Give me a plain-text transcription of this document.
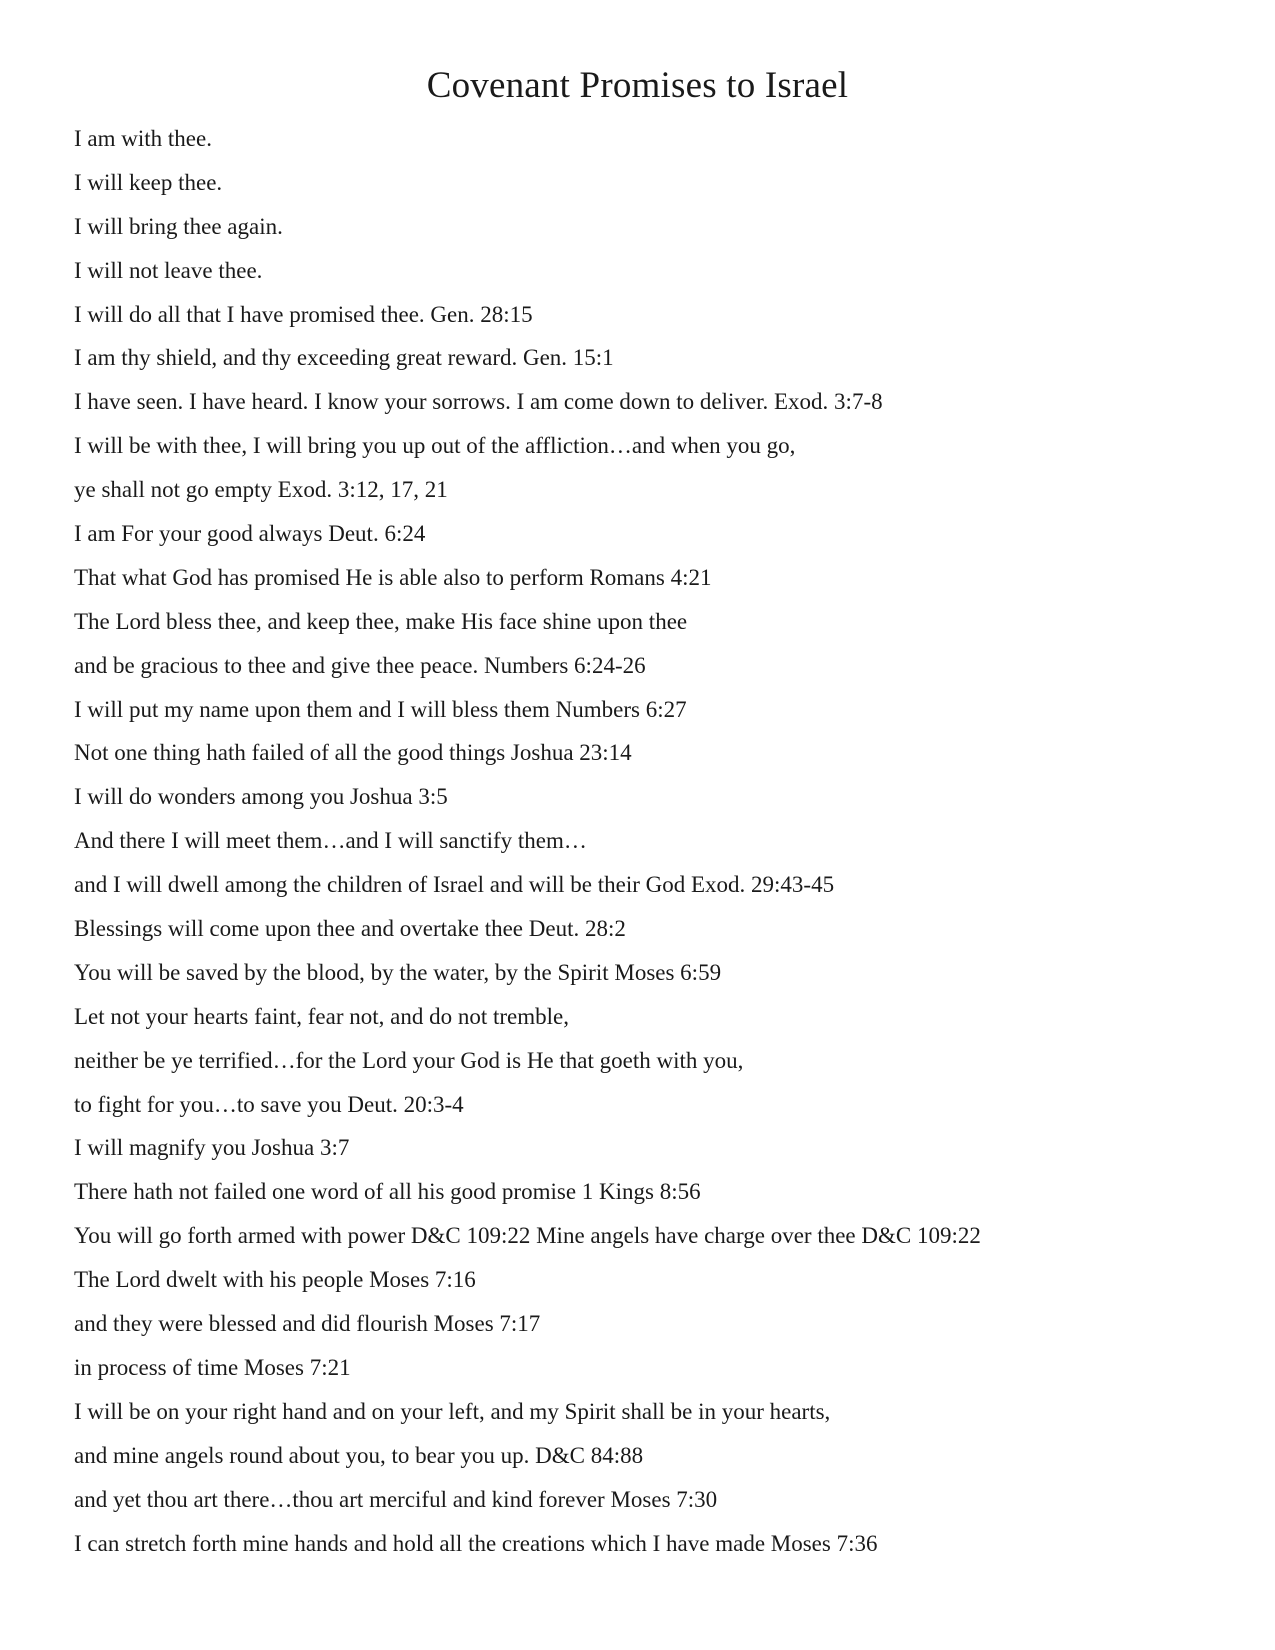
Covenant Promises to Israel
I am with thee.
I will keep thee.
I will bring thee again.
I will not leave thee.
I will do all that I have promised thee. Gen. 28:15
I am thy shield, and thy exceeding great reward. Gen. 15:1
I have seen. I have heard. I know your sorrows. I am come down to deliver. Exod. 3:7-8
I will be with thee, I will bring you up out of the affliction…and when you go,
ye shall not go empty Exod. 3:12, 17, 21
I am For your good always Deut. 6:24
That what God has promised He is able also to perform Romans 4:21
The Lord bless thee, and keep thee, make His face shine upon thee
and be gracious to thee and give thee peace. Numbers 6:24-26
I will put my name upon them and I will bless them Numbers 6:27
Not one thing hath failed of all the good things Joshua 23:14
I will do wonders among you Joshua 3:5
And there I will meet them…and I will sanctify them…
and I will dwell among the children of Israel and will be their God Exod. 29:43-45
Blessings will come upon thee and overtake thee Deut. 28:2
You will be saved by the blood, by the water, by the Spirit Moses 6:59
Let not your hearts faint, fear not, and do not tremble,
neither be ye terrified…for the Lord your God is He that goeth with you,
to fight for you…to save you Deut. 20:3-4
I will magnify you Joshua 3:7
There hath not failed one word of all his good promise 1 Kings 8:56
You will go forth armed with power D&C 109:22 Mine angels have charge over thee D&C 109:22
The Lord dwelt with his people Moses 7:16
and they were blessed and did flourish Moses 7:17
in process of time Moses 7:21
I will be on your right hand and on your left, and my Spirit shall be in your hearts,
and mine angels round about you, to bear you up. D&C 84:88
and yet thou art there…thou art merciful and kind forever Moses 7:30
I can stretch forth mine hands and hold all the creations which I have made Moses 7:36
